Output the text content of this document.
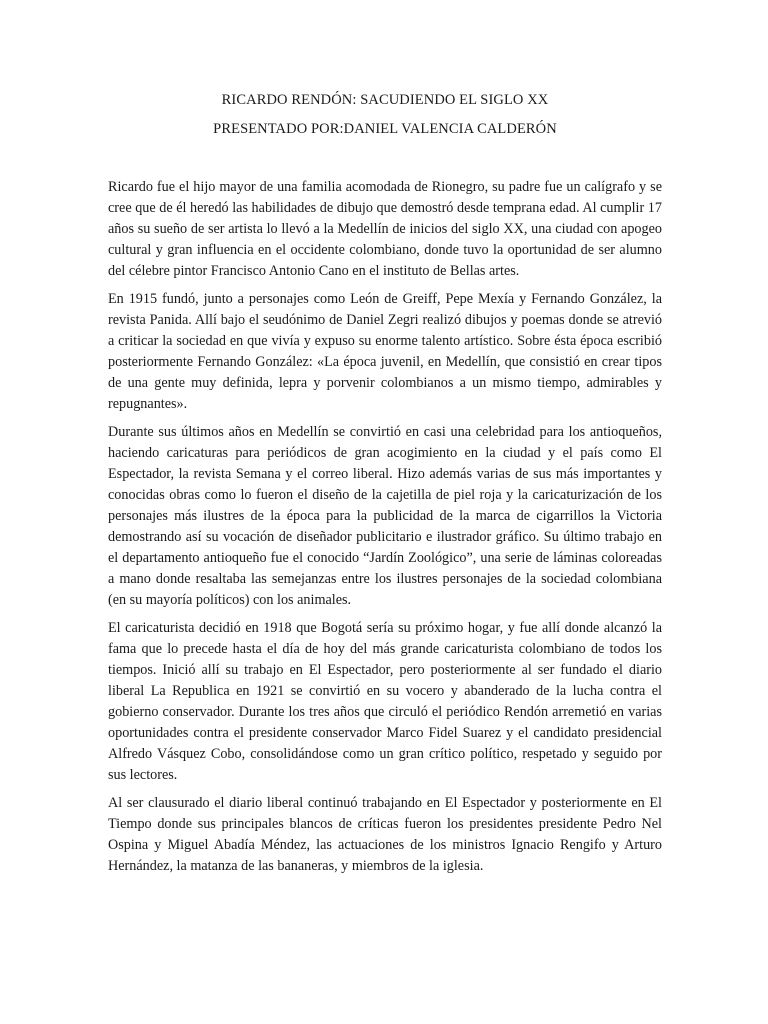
RICARDO RENDÓN: SACUDIENDO EL SIGLO XX
PRESENTADO POR:DANIEL VALENCIA CALDERÓN

Ricardo fue el hijo mayor de una familia acomodada de Rionegro, su padre fue un calígrafo y se cree que de él heredó las habilidades de dibujo que demostró desde temprana edad. Al cumplir 17 años su sueño de ser artista lo llevó a la Medellín de inicios del siglo XX, una ciudad con apogeo cultural y gran influencia en el occidente colombiano, donde tuvo la oportunidad de ser alumno del célebre pintor Francisco Antonio Cano en el instituto de Bellas artes.

En 1915 fundó, junto a personajes como León de Greiff, Pepe Mexía y Fernando González, la revista Panida. Allí bajo el seudónimo de Daniel Zegri realizó dibujos y poemas donde se atrevió a criticar la sociedad en que vivía y expuso su enorme talento artístico. Sobre ésta época escribió posteriormente Fernando González: «La época juvenil, en Medellín, que consistió en crear tipos de una gente muy definida, lepra y porvenir colombianos a un mismo tiempo, admirables y repugnantes».

Durante sus últimos años en Medellín se convirtió en casi una celebridad para los antioqueños, haciendo caricaturas para periódicos de gran acogimiento en la ciudad y el país como El Espectador, la revista Semana y el correo liberal. Hizo además varias de sus más importantes y conocidas obras como lo fueron el diseño de la cajetilla de piel roja y la caricaturización de los personajes más ilustres de la época para la publicidad de la marca de cigarrillos la Victoria demostrando así su vocación de diseñador publicitario e ilustrador gráfico. Su último trabajo en el departamento antioqueño fue el conocido “Jardín Zoológico”, una serie de láminas coloreadas a mano donde resaltaba las semejanzas entre los ilustres personajes de la sociedad colombiana (en su mayoría políticos) con los animales.

El caricaturista decidió en 1918 que Bogotá sería su próximo hogar, y fue allí donde alcanzó la fama que lo precede hasta el día de hoy del más grande caricaturista colombiano de todos los tiempos. Inició allí su trabajo en El Espectador, pero posteriormente al ser fundado el diario liberal La Republica en 1921 se convirtió en su vocero y abanderado de la lucha contra el gobierno conservador. Durante los tres años que circuló el periódico Rendón arremetió en varias oportunidades contra el presidente conservador Marco Fidel Suarez y el candidato presidencial Alfredo Vásquez Cobo, consolidándose como un gran crítico político, respetado y seguido por sus lectores.

Al ser clausurado el diario liberal continuó trabajando en El Espectador y posteriormente en El Tiempo donde sus principales blancos de críticas fueron los presidentes presidente Pedro Nel Ospina y Miguel Abadía Méndez, las actuaciones de los ministros Ignacio Rengifo y Arturo Hernández, la matanza de las bananeras, y miembros de la iglesia.
